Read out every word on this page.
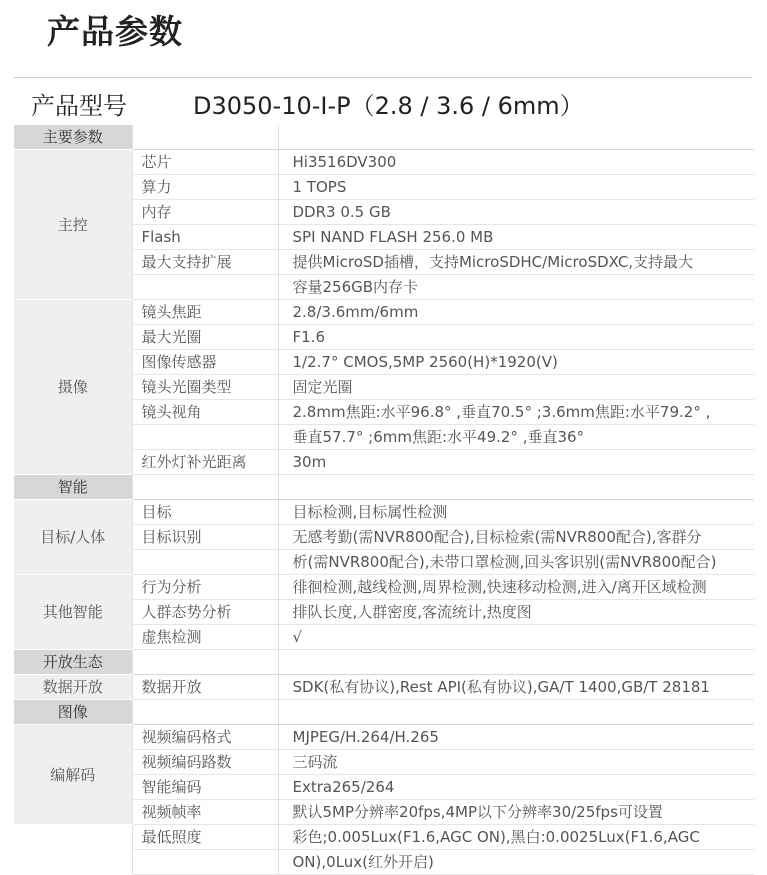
产品参数
产品型号	D3050-10-I-P（2.8 / 3.6 / 6mm）
主要参数		
主控	芯片	Hi3516DV300
	算力	1 TOPS
	内存	DDR3 0.5 GB
	Flash	SPI NAND FLASH 256.0 MB
	最大支持扩展	提供MicroSD插槽，支持MicroSDHC/MicroSDXC,支持最大
		容量256GB内存卡
摄像	镜头焦距	2.8/3.6mm/6mm
	最大光圈	F1.6
	图像传感器	1/2.7° CMOS,5MP 2560(H)*1920(V)
	镜头光圈类型	固定光圈
	镜头视角	2.8mm焦距:水平96.8° ,垂直70.5° ;3.6mm焦距:水平79.2° ,
		垂直57.7° ;6mm焦距:水平49.2° ,垂直36°
	红外灯补光距离	30m
智能		
目标/人体	目标	目标检测,目标属性检测
	目标识别	无感考勤(需NVR800配合),目标检索(需NVR800配合),客群分
		析(需NVR800配合),未带口罩检测,回头客识别(需NVR800配合)
其他智能	行为分析	徘徊检测,越线检测,周界检测,快速移动检测,进入/离开区域检测
	人群态势分析	排队长度,人群密度,客流统计,热度图
	虚焦检测	√
开放生态		
数据开放	数据开放	SDK(私有协议),Rest API(私有协议),GA/T 1400,GB/T 28181
图像		
编解码	视频编码格式	MJPEG/H.264/H.265
	视频编码路数	三码流
	智能编码	Extra265/264
	视频帧率	默认5MP分辨率20fps,4MP以下分辨率30/25fps可设置
	最低照度	彩色;0.005Lux(F1.6,AGC ON),黑白:0.0025Lux(F1.6,AGC
		ON),0Lux(红外开启)
